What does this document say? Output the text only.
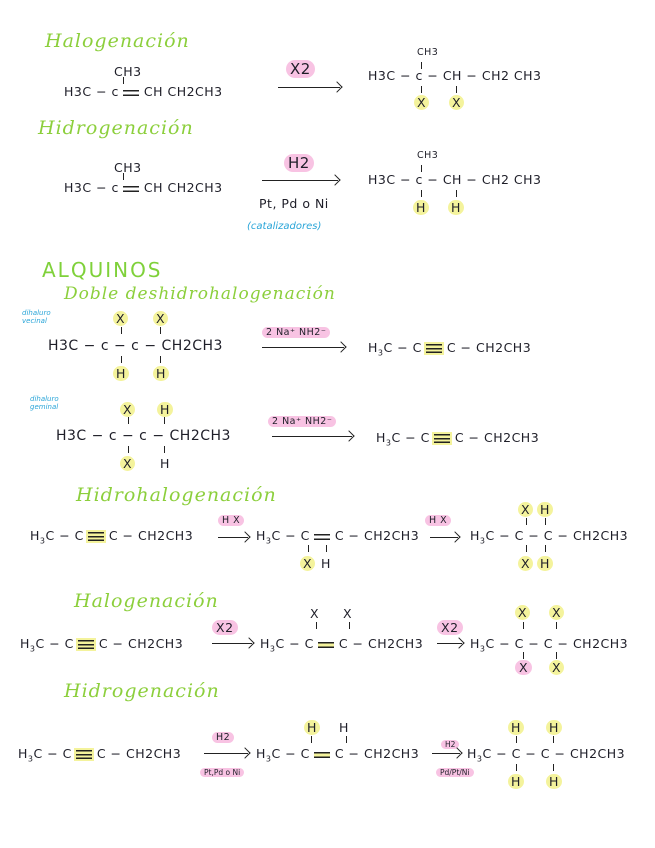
Halogenación
CH3
H3C − c  CH CH2CH3
X2
CH3
H3C − c − CH − CH2 CH3
X X
Hidrogenación
CH3
H3C − c  CH CH2CH3
H2
Pt, Pd o Ni
(catalizadores)
CH3
H3C − c − CH − CH2 CH3
H H
ALQUINOS
Doble deshidrohalogenación
dihaluro vecinal	X X
H3C − c − c − CH2CH3
H H
2 Na⁺ NH2⁻
$H_3C - C$  C − CH2CH3
dihaluro geminal	X H
H3C − c − c − CH2CH3
X H
2 Na⁺ NH2⁻
$H_3C - C$  C − CH2CH3
Hidrohalogenación
$H_3C - C$  C − CH2CH3
H X
$H_3C - C$  C − CH2CH3
X H
H X
X H
$H_3C - C - C - CH2CH3$
X H
Halogenación
$H_3C - C$  C − CH2CH3
X2
X X
$H_3C - C$  C − CH2CH3
X2
X X
$H_3C - C - C - CH2CH3$
X	X
Hidrogenación
$H_3C - C$  C − CH2CH3
H2
Pt,Pd o Ni
H H
$H_3C - C$  C − CH2CH3
H2
Pd/Pt/Ni
H H
$H_3C - C - C - CH2CH3$
H H
